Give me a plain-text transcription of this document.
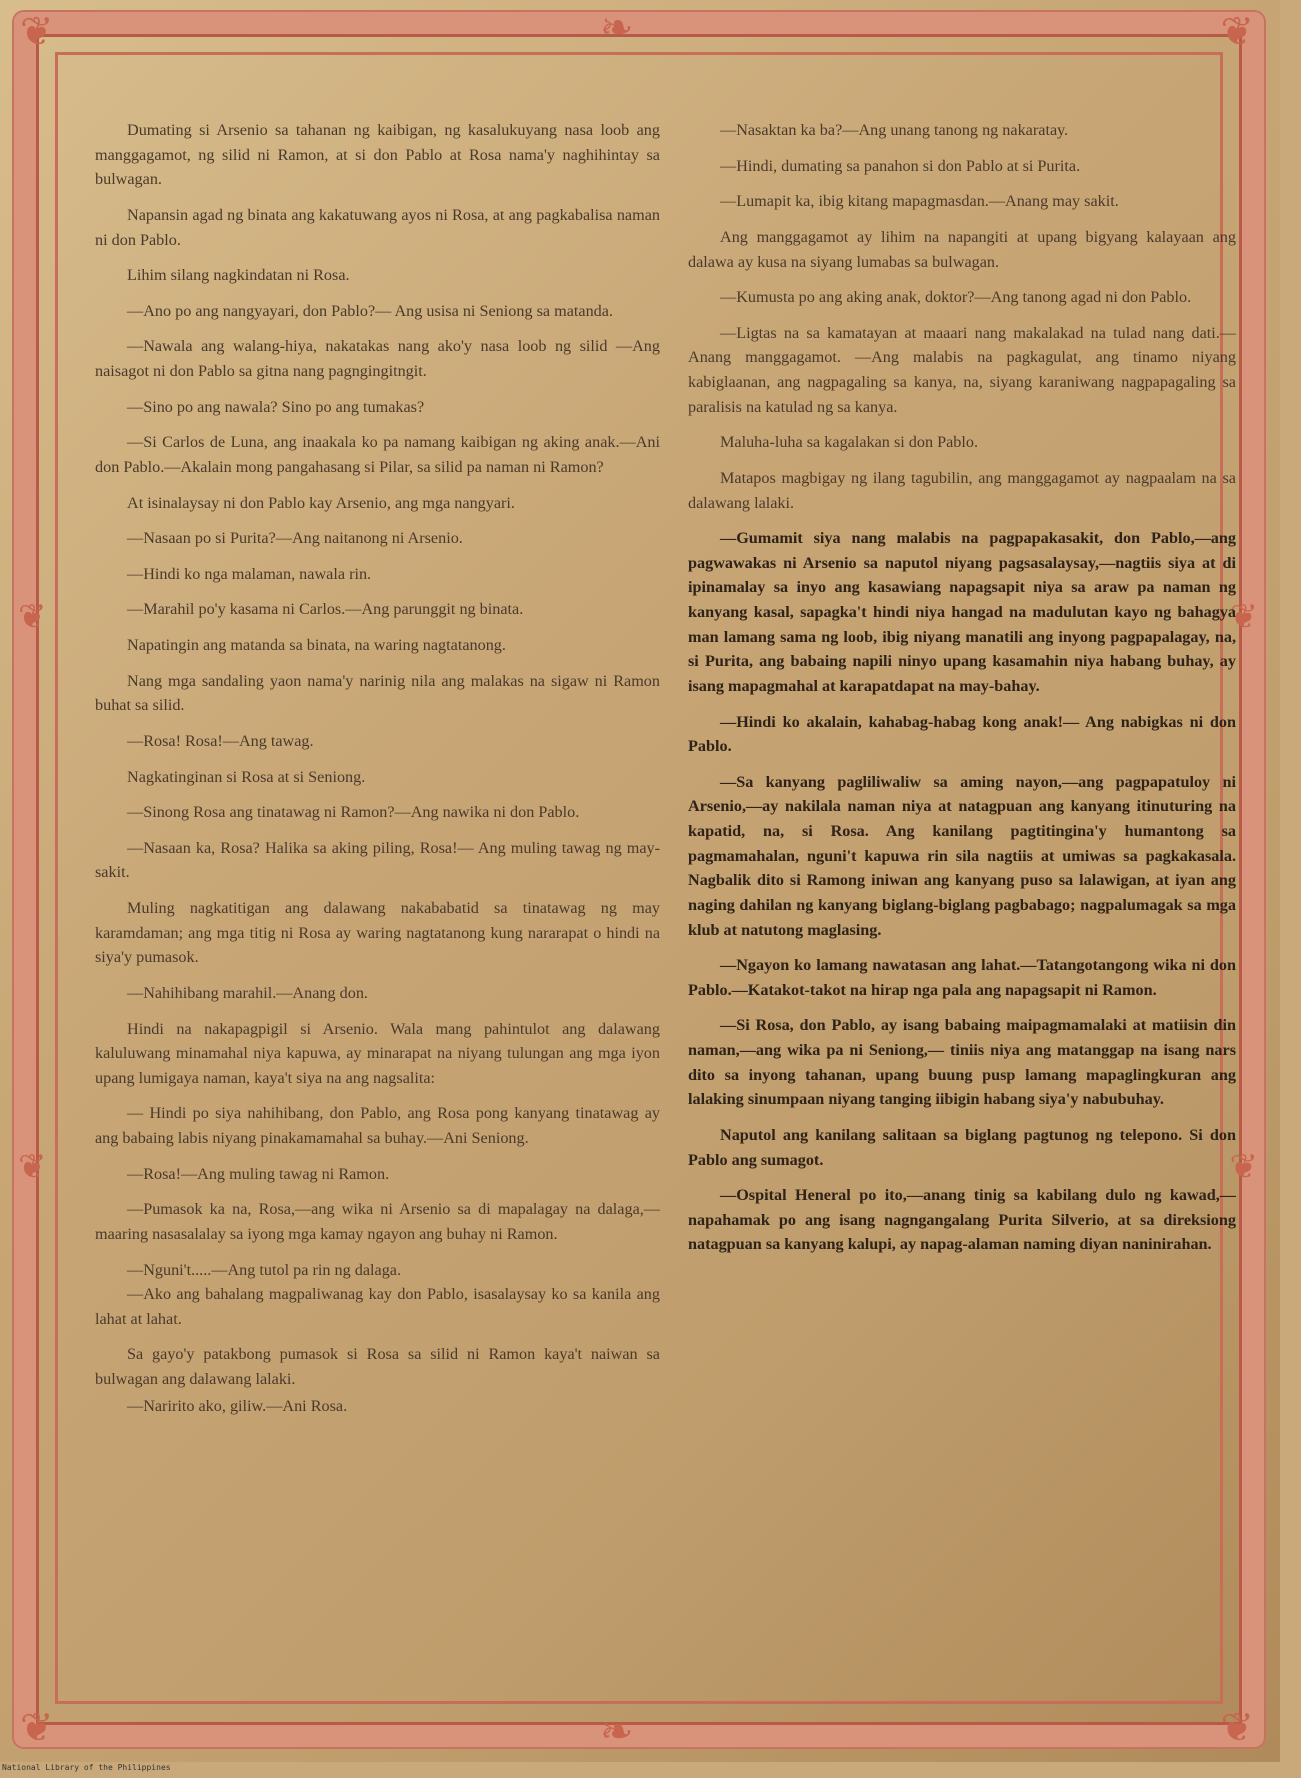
❦	❦
❦	❦
❧
❧
❦
❦
❦
❦

Dumating si Arsenio sa tahanan ng kaibigan, ng kasalukuyang nasa loob ang manggagamot, ng silid ni Ramon, at si don Pablo at Rosa nama'y naghihintay sa bulwagan.

Napansin agad ng binata ang kakatuwang ayos ni Rosa, at ang pagkabalisa naman ni don Pablo.

Lihim silang nagkindatan ni Rosa.

—Ano po ang nangyayari, don Pablo?— Ang usisa ni Seniong sa matanda.

—Nawala ang walang-hiya, nakatakas nang ako'y nasa loob ng silid —Ang naisagot ni don Pablo sa gitna nang pagngingitngit.

—Sino po ang nawala? Sino po ang tumakas?

—Si Carlos de Luna, ang inaakala ko pa namang kaibigan ng aking anak.—Ani don Pablo.—Akalain mong pangahasang si Pilar, sa silid pa naman ni Ramon?

At isinalaysay ni don Pablo kay Arsenio, ang mga nangyari.

—Nasaan po si Purita?—Ang naitanong ni Arsenio.

—Hindi ko nga malaman, nawala rin.

—Marahil po'y kasama ni Carlos.—Ang parunggit ng binata.

Napatingin ang matanda sa binata, na waring nagtatanong.

Nang mga sandaling yaon nama'y narinig nila ang malakas na sigaw ni Ramon buhat sa silid.

—Rosa! Rosa!—Ang tawag.

Nagkatinginan si Rosa at si Seniong.

—Sinong Rosa ang tinatawag ni Ramon?—Ang nawika ni don Pablo.

—Nasaan ka, Rosa? Halika sa aking piling, Rosa!— Ang muling tawag ng may-sakit.

Muling nagkatitigan ang dalawang nakababatid sa tinatawag ng may karamdaman; ang mga titig ni Rosa ay waring nagtatanong kung nararapat o hindi na siya'y pumasok.

—Nahihibang marahil.—Anang don.

Hindi na nakapagpigil si Arsenio. Wala mang pahintulot ang dalawang kaluluwang minamahal niya kapuwa, ay minarapat na niyang tulungan ang mga iyon upang lumigaya naman, kaya't siya na ang nagsalita:

— Hindi po siya nahihibang, don Pablo, ang Rosa pong kanyang tinatawag ay ang babaing labis niyang pinakamamahal sa buhay.—Ani Seniong.

—Rosa!—Ang muling tawag ni Ramon.

—Pumasok ka na, Rosa,—ang wika ni Arsenio sa di mapalagay na dalaga,—maaring nasasalalay sa iyong mga kamay ngayon ang buhay ni Ramon.

—Nguni't.....—Ang tutol pa rin ng dalaga.

—Ako ang bahalang magpaliwanag kay don Pablo, isasalaysay ko sa kanila ang lahat at lahat.

Sa gayo'y patakbong pumasok si Rosa sa silid ni Ramon kaya't naiwan sa bulwagan ang dalawang lalaki.

—Naririto ako, giliw.—Ani Rosa.

—Nasaktan ka ba?—Ang unang tanong ng nakaratay.

—Hindi, dumating sa panahon si don Pablo at si Purita.

—Lumapit ka, ibig kitang mapagmasdan.—Anang may sakit.

Ang manggagamot ay lihim na napangiti at upang bigyang kalayaan ang dalawa ay kusa na siyang lumabas sa bulwagan.

—Kumusta po ang aking anak, doktor?—Ang tanong agad ni don Pablo.

—Ligtas na sa kamatayan at maaari nang makalakad na tulad nang dati.—Anang manggagamot. —Ang malabis na pagkagulat, ang tinamo niyang kabiglaanan, ang nagpagaling sa kanya, na, siyang karaniwang nagpapagaling sa paralisis na katulad ng sa kanya.

Maluha-luha sa kagalakan si don Pablo.

Matapos magbigay ng ilang tagubilin, ang manggagamot ay nagpaalam na sa dalawang lalaki.

—Gumamit siya nang malabis na pagpapakasakit, don Pablo,—ang pagwawakas ni Arsenio sa naputol niyang pagsasalaysay,—nagtiis siya at di ipinamalay sa inyo ang kasawiang napagsapit niya sa araw pa naman ng kanyang kasal, sapagka't hindi niya hangad na madulutan kayo ng bahagya man lamang sama ng loob, ibig niyang manatili ang inyong pagpapalagay, na, si Purita, ang babaing napili ninyo upang kasamahin niya habang buhay, ay isang mapagmahal at karapatdapat na may-bahay.

—Hindi ko akalain, kahabag-habag kong anak!— Ang nabigkas ni don Pablo.

—Sa kanyang pagliliwaliw sa aming nayon,—ang pagpapatuloy ni Arsenio,—ay nakilala naman niya at natagpuan ang kanyang itinuturing na kapatid, na, si Rosa. Ang kanilang pagtitingina'y humantong sa pagmamahalan, nguni't kapuwa rin sila nagtiis at umiwas sa pagkakasala. Nagbalik dito si Ramong iniwan ang kanyang puso sa lalawigan, at iyan ang naging dahilan ng kanyang biglang-biglang pagbabago; nagpalumagak sa mga klub at natutong maglasing.

—Ngayon ko lamang nawatasan ang lahat.—Tatangotangong wika ni don Pablo.—Katakot-takot na hirap nga pala ang napagsapit ni Ramon.

—Si Rosa, don Pablo, ay isang babaing maipagmamalaki at matiisin din naman,—ang wika pa ni Seniong,— tiniis niya ang matanggap na isang nars dito sa inyong tahanan, upang buung pusp lamang mapaglingkuran ang lalaking sinumpaan niyang tanging iibigin habang siya'y nabubuhay.

Naputol ang kanilang salitaan sa biglang pagtunog ng telepono. Si don Pablo ang sumagot.

—Ospital Heneral po ito,—anang tinig sa kabilang dulo ng kawad,—napahamak po ang isang nagngangalang Purita Silverio, at sa direksiong natagpuan sa kanyang kalupi, ay napag-alaman naming diyan naninirahan.

National Library of the Philippines
